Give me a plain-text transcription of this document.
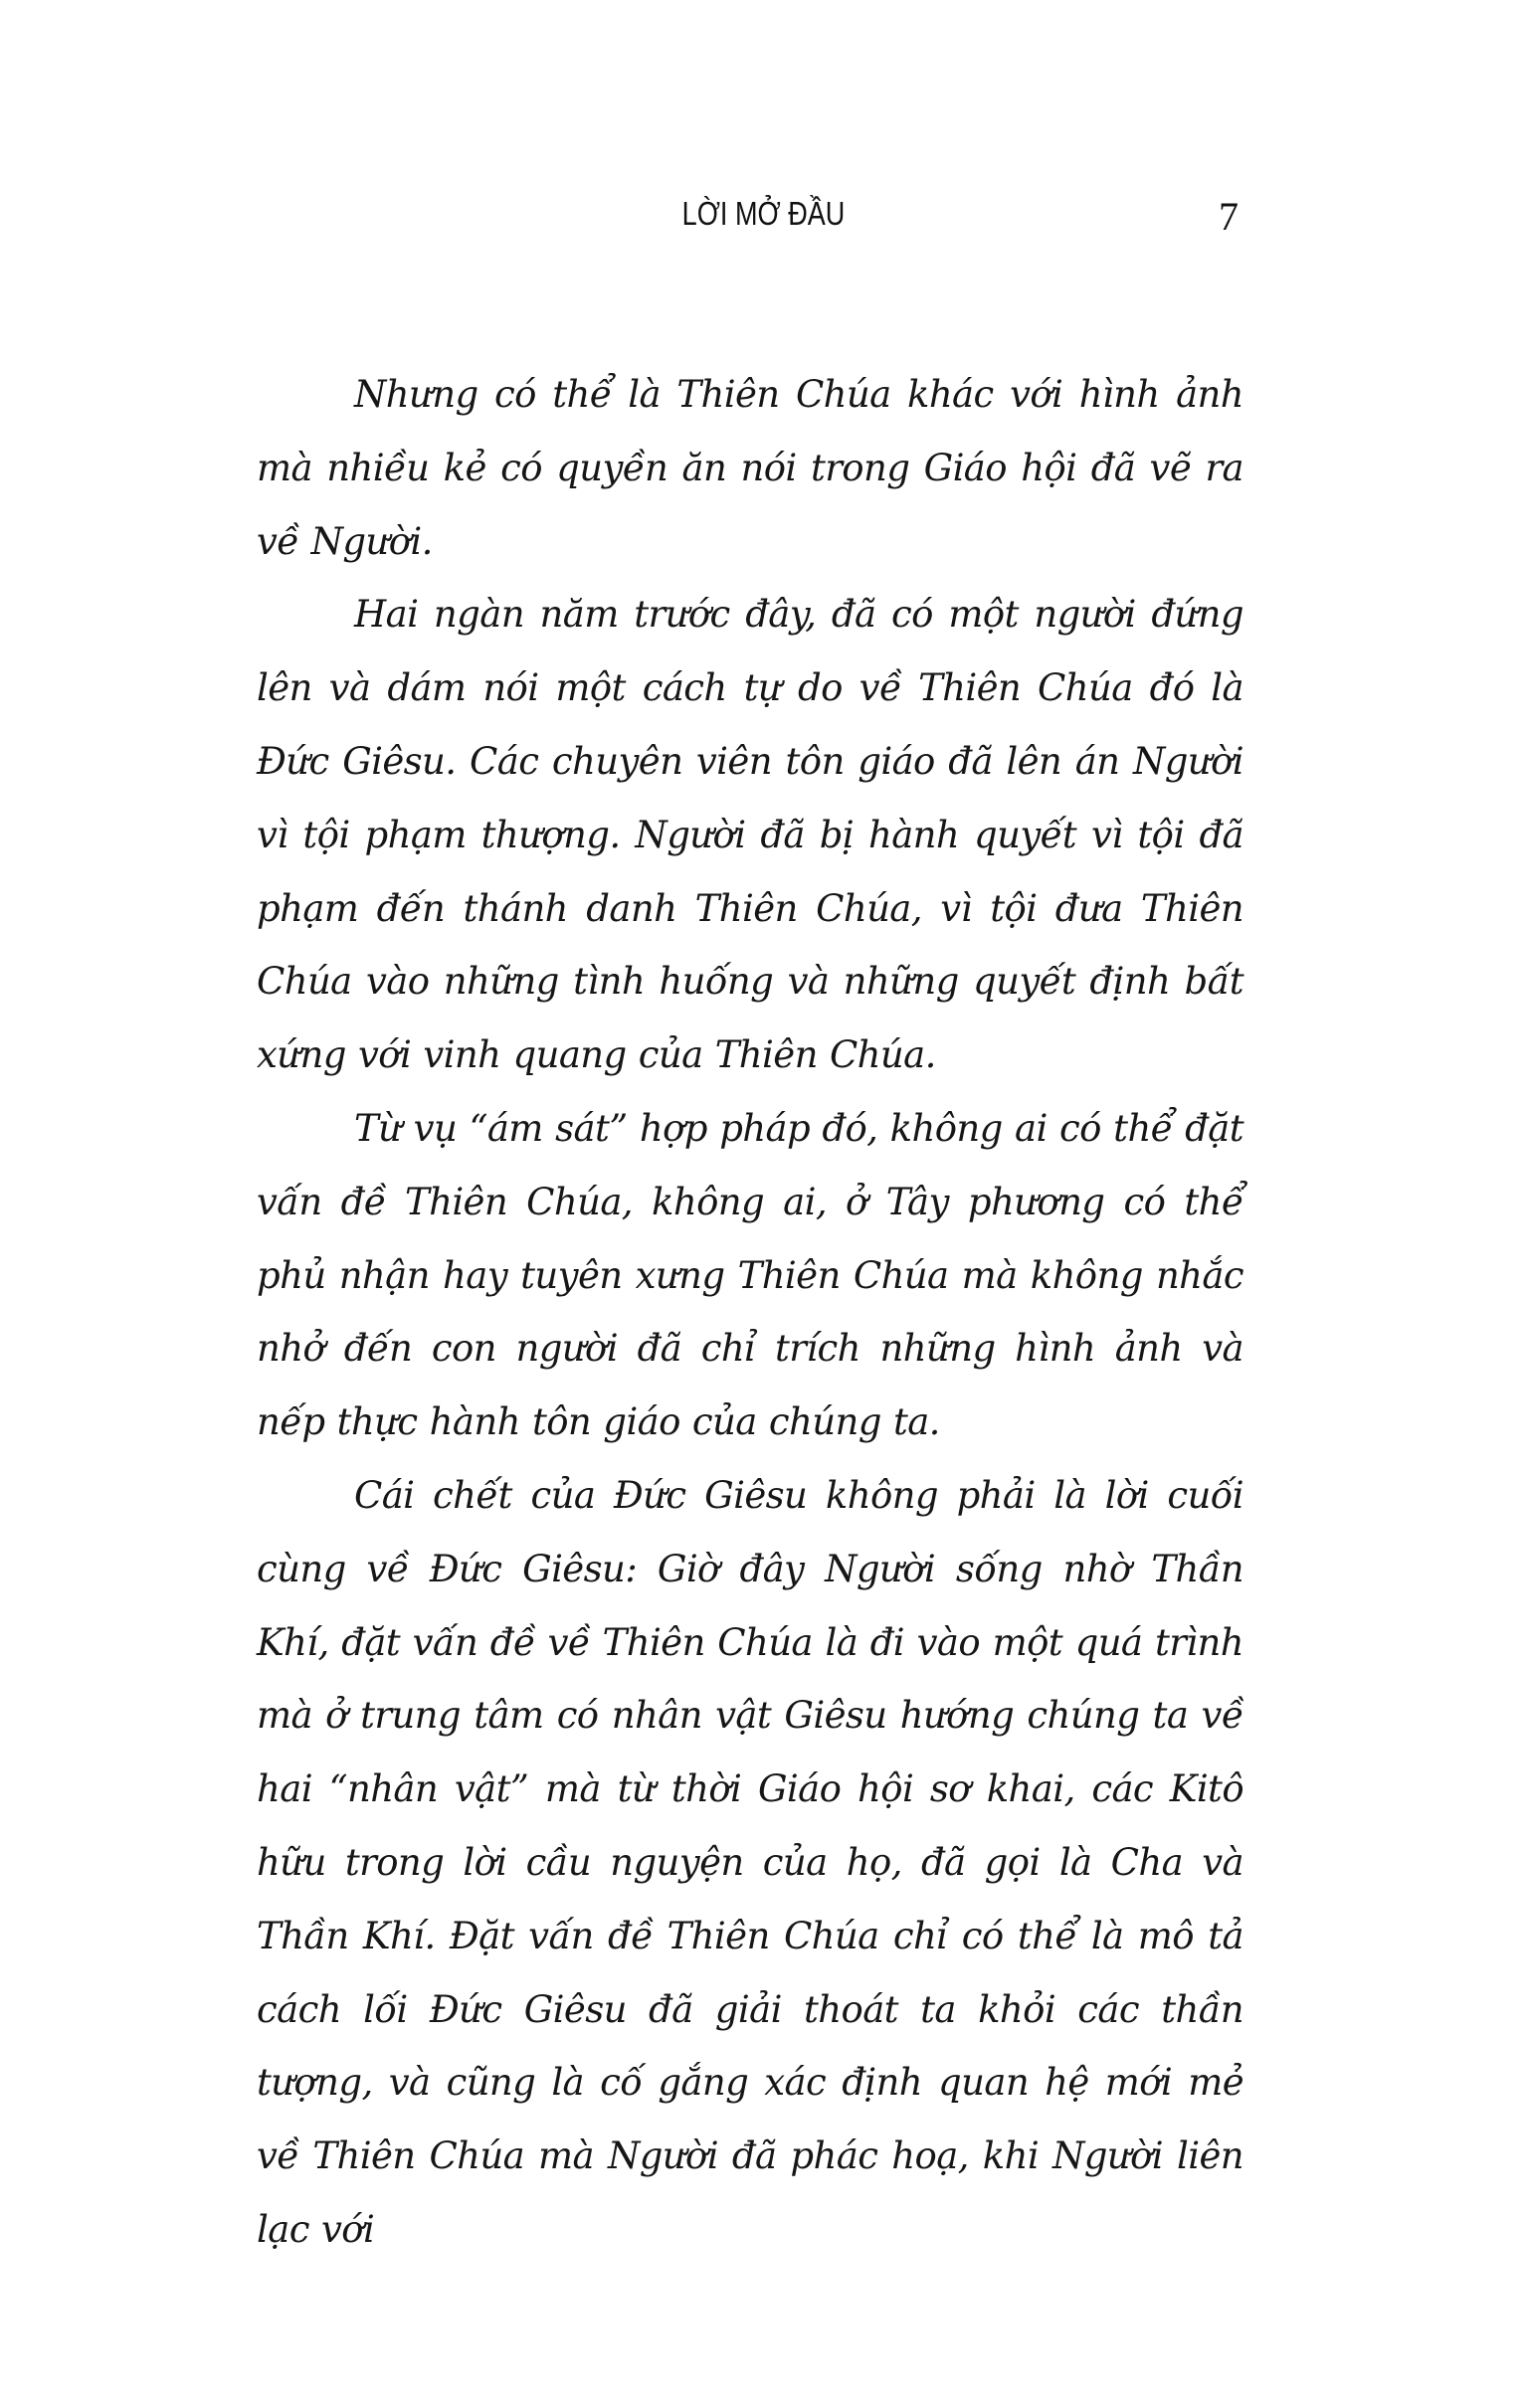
LỜI MỞ ĐẦU	7

Nhưng có thể là Thiên Chúa khác với hình ảnh mà nhiều kẻ có quyền ăn nói trong Giáo hội đã vẽ ra về Người.

Hai ngàn năm trước đây, đã có một người đứng lên và dám nói một cách tự do về Thiên Chúa đó là Đức Giêsu. Các chuyên viên tôn giáo đã lên án Người vì tội phạm thượng. Người đã bị hành quyết vì tội đã phạm đến thánh danh Thiên Chúa, vì tội đưa Thiên Chúa vào những tình huống và những quyết định bất xứng với vinh quang của Thiên Chúa.

Từ vụ “ám sát” hợp pháp đó, không ai có thể đặt vấn đề Thiên Chúa, không ai, ở Tây phương có thể phủ nhận hay tuyên xưng Thiên Chúa mà không nhắc nhở đến con người đã chỉ trích những hình ảnh và nếp thực hành tôn giáo của chúng ta.

Cái chết của Đức Giêsu không phải là lời cuối cùng về Đức Giêsu: Giờ đây Người sống nhờ Thần Khí, đặt vấn đề về Thiên Chúa là đi vào một quá trình mà ở trung tâm có nhân vật Giêsu hướng chúng ta về hai “nhân vật” mà từ thời Giáo hội sơ khai, các Kitô hữu trong lời cầu nguyện của họ, đã gọi là Cha và Thần Khí. Đặt vấn đề Thiên Chúa chỉ có thể là mô tả cách lối Đức Giêsu đã giải thoát ta khỏi các thần tượng, và cũng là cố gắng xác định quan hệ mới mẻ về Thiên Chúa mà Người đã phác hoạ, khi Người liên lạc với
